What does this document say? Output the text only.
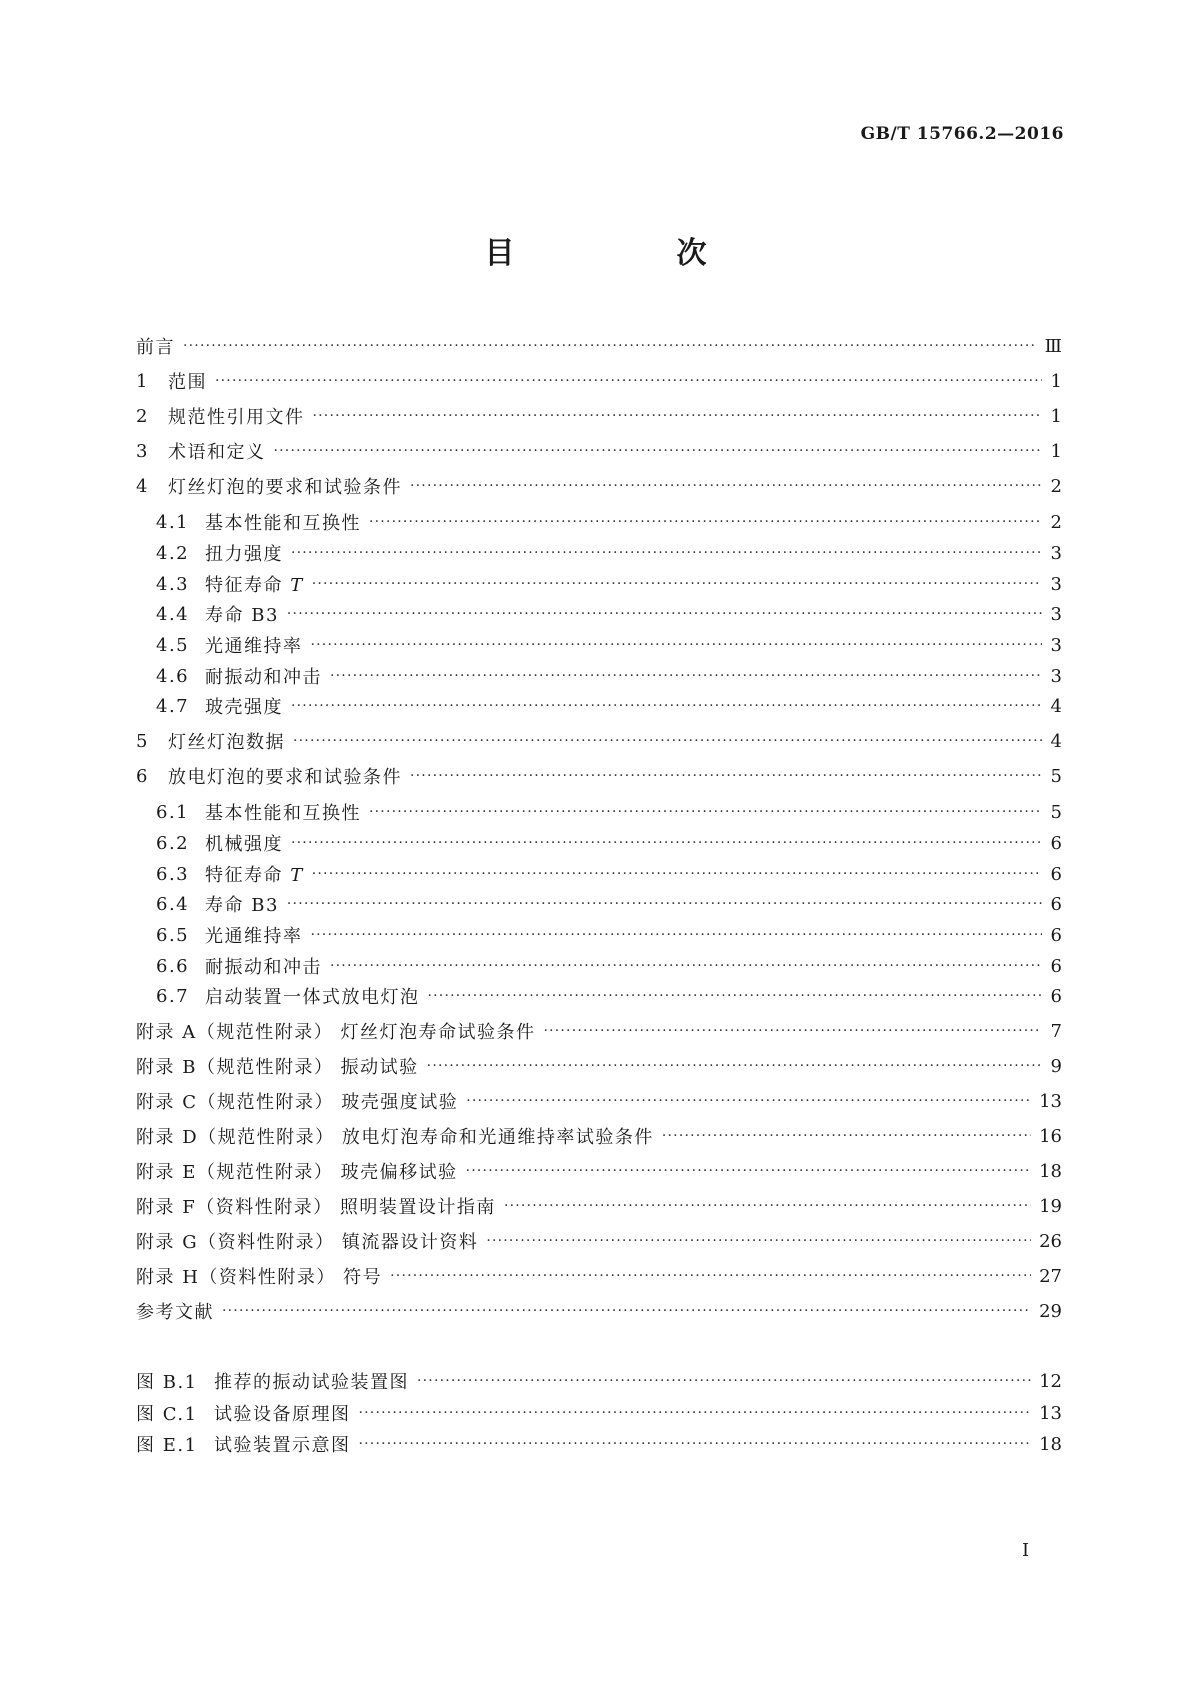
GB/T 15766.2—2016
目　次
前言 ·····	Ⅲ
1	范围 ·····	1
2	规范性引用文件 ·····	1
3	术语和定义 ·····	1
4	灯丝灯泡的要求和试验条件 ·····	2
4.1 基本性能和互换性 ·····	2
4.2 扭力强度 ·····	3
4.3 特征寿命 T ·····	3
4.4 寿命 B3 ·····	3
4.5 光通维持率 ·····	3
4.6 耐振动和冲击 ·····	3
4.7 玻壳强度 ·····	4
5	灯丝灯泡数据 ·····	4
6	放电灯泡的要求和试验条件 ·····	5
6.1 基本性能和互换性 ·····	5
6.2 机械强度 ·····	6
6.3 特征寿命 T ·····	6
6.4 寿命 B3 ·····	6
6.5 光通维持率 ·····	6
6.6 耐振动和冲击 ·····	6
6.7 启动装置一体式放电灯泡 ·····	6
附录 A（规范性附录） 灯丝灯泡寿命试验条件 ·····	7
附录 B（规范性附录） 振动试验 ·····	9
附录 C（规范性附录） 玻壳强度试验 ·····	13
附录 D（规范性附录） 放电灯泡寿命和光通维持率试验条件 ·····	16
附录 E（规范性附录） 玻壳偏移试验 ·····	18
附录 F（资料性附录） 照明装置设计指南 ·····	19
附录 G（资料性附录） 镇流器设计资料 ·····	26
附录 H（资料性附录） 符号 ·····	27
参考文献 ·····	29
图 B.1 推荐的振动试验装置图 ·····	12
图 C.1 试验设备原理图 ·····	13
图 E.1 试验装置示意图 ·····	18
I
